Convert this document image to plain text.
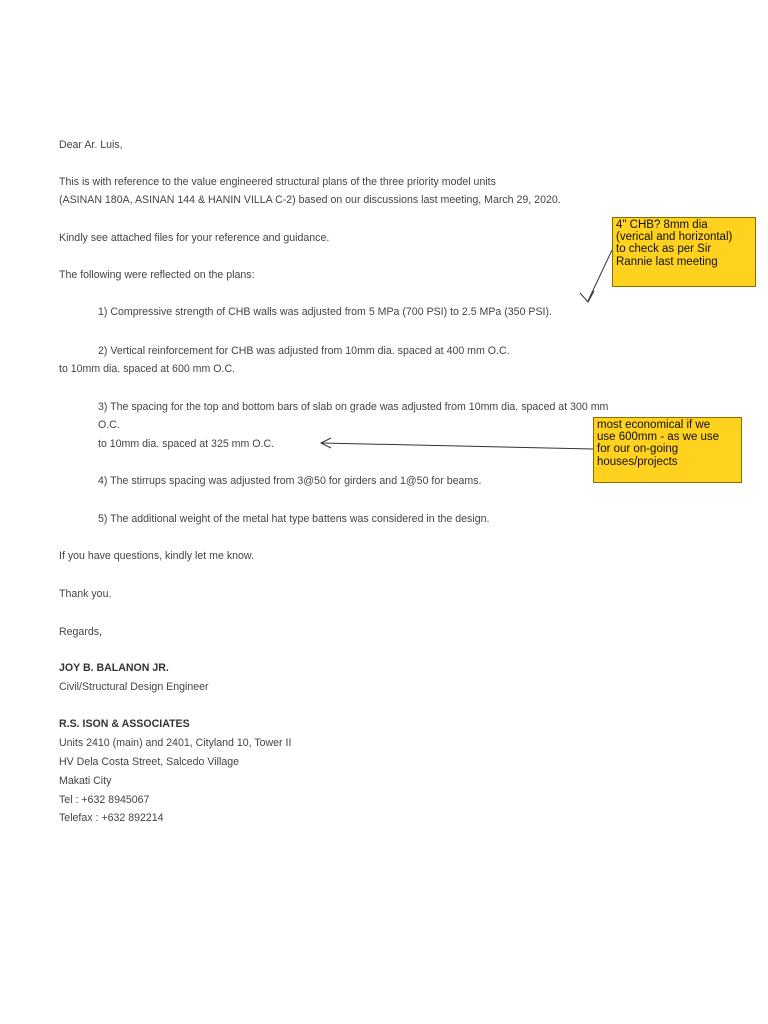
Dear Ar. Luis,

This is with reference to the value engineered structural plans of the three priority model units

(ASINAN 180A, ASINAN 144 & HANIN VILLA C-2) based on our discussions last meeting, March 29, 2020.

Kindly see attached files for your reference and guidance.

The following were reflected on the plans:

1) Compressive strength of CHB walls was adjusted from 5 MPa (700 PSI) to 2.5 MPa (350 PSI).

2) Vertical reinforcement for CHB was adjusted from 10mm dia. spaced at 400 mm O.C.

to 10mm dia. spaced at 600 mm O.C.

3) The spacing for the top and bottom bars of slab on grade was adjusted from 10mm dia. spaced at 300 mm

O.C.

to 10mm dia. spaced at 325 mm O.C.

4) The stirrups spacing was adjusted from 3@50 for girders and 1@50 for beams.

5) The additional weight of the metal hat type battens was considered in the design.

If you have questions, kindly let me know.

Thank you.

Regards,

JOY B. BALANON JR.

Civil/Structural Design Engineer

R.S. ISON & ASSOCIATES

Units 2410 (main) and 2401, Cityland 10, Tower II

HV Dela Costa Street, Salcedo Village

Makati City

Tel : +632 8945067

Telefax : +632 892214

4" CHB? 8mm dia
(verical and horizontal)
to check as per Sir
Rannie last meeting
most economical if we
use 600mm - as we use
for our on-going
houses/projects
